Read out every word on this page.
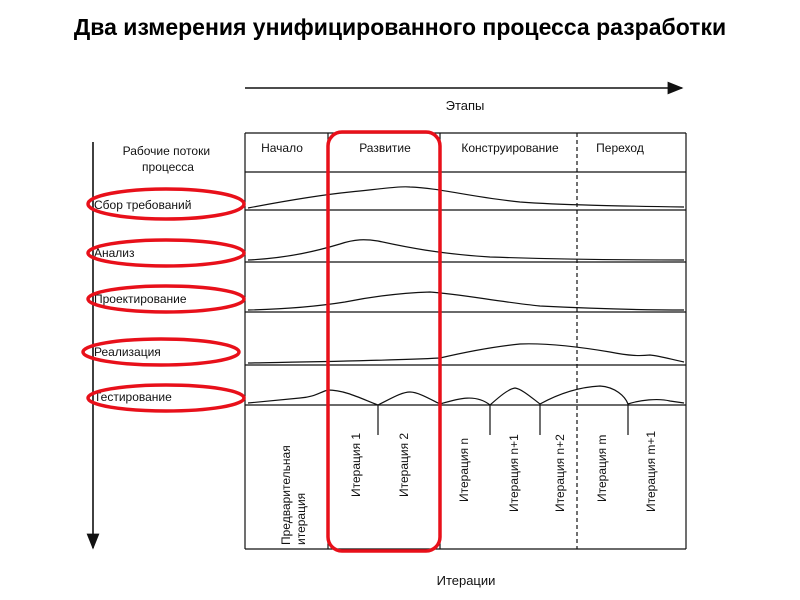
Два измерения унифицированного процесса разработки
Этапы
Рабочие потоки процесса
Начало	Развитие	Конструирование	Переход
Сбор требований
Анализ
Проектирование
Реализация
Тестирование
Предварительная итерация
Итерация 1	Итерация 2	Итерация n	Итерация n+1	Итерация n+2 Итерация m	Итерация m+1
Итерации
